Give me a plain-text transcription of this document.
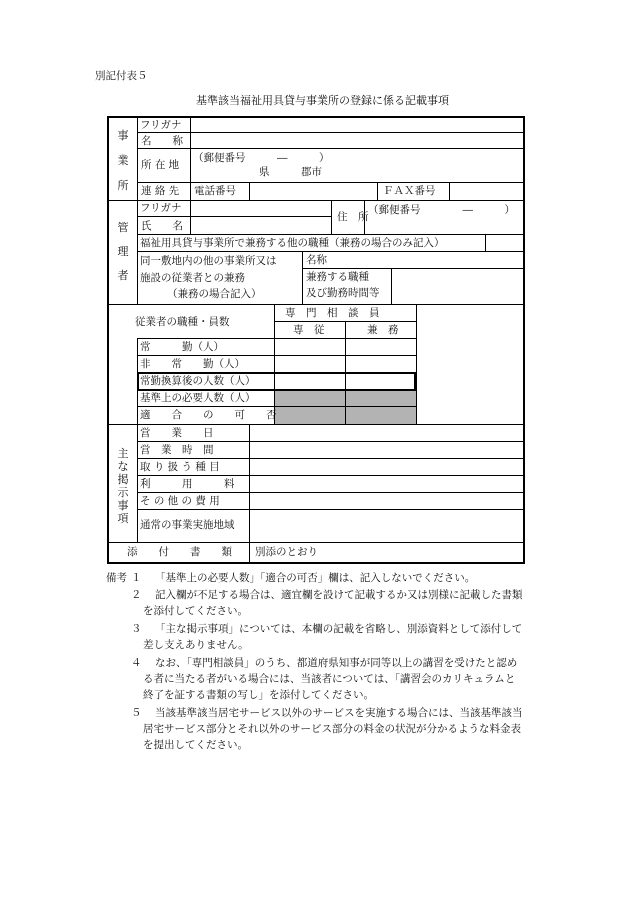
別記付表５
基準該当福祉用具貸与事業所の登録に係る記載事項
事
業
所
フリガナ
名　　称
所 在 地
（郵便番号　　　―　　　）
県　　　郡市
連 絡 先 電話番号	ＦＡＸ番号
管
理
者
フリガナ
氏　　名
住　所
（郵便番号　　　　―　　　）
福祉用具貸与事業所で兼務する他の職種（兼務の場合のみ記入）
同一敷地内の他の事業所又は
施設の従業者との兼務
（兼務の場合記入）
名称
兼務する職種
及び勤務時間等
従業者の職種・員数
専　門　相　談　員
専　従	兼　務
常　　　勤（人）
非　　常　　勤（人）
常勤換算後の人数（人）
基準上の必要人数（人）
適　　合　　の　　可　　否
主
な
掲
示
事
項
営　　業　　日
営　業　時　間
取 り 扱 う 種 目
利　　　用　　　料
そ の 他 の 費 用
通常の事業実施地域
添　　付　　書　　類 別添のとおり
備考 １ 「基準上の必要人数」「適合の可否」欄は、記入しないでください。
２ 記入欄が不足する場合は、適宜欄を設けて記載するか又は別様に記載した書類
を添付してください。
３ 「主な掲示事項」については、本欄の記載を省略し、別添資料として添付して
差し支えありません。
４ なお、「専門相談員」のうち、都道府県知事が同等以上の講習を受けたと認め
る者に当たる者がいる場合には、当該者については、「講習会のカリキュラムと
終了を証する書類の写し」を添付してください。
５ 当該基準該当居宅サービス以外のサービスを実施する場合には、当該基準該当
居宅サービス部分とそれ以外のサービス部分の料金の状況が分かるような料金表
を提出してください。
